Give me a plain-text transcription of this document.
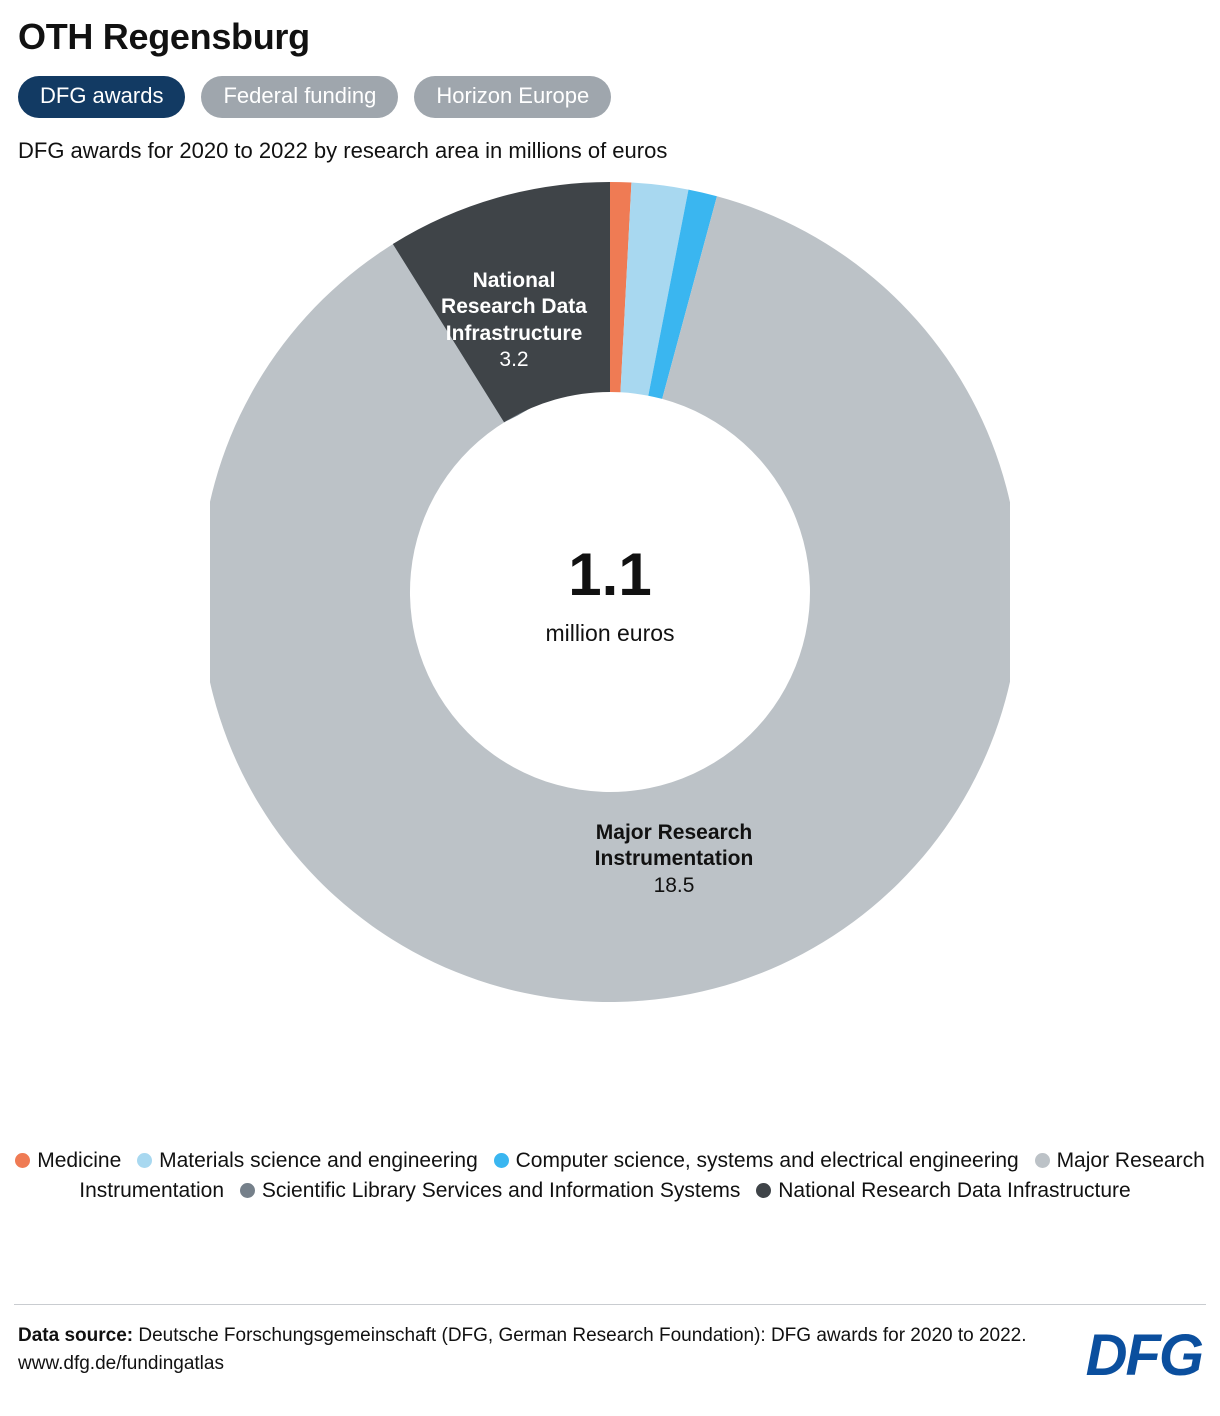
OTH Regensburg
DFG awards	Federal funding	Horizon Europe
DFG awards for 2020 to 2022 by research area in millions of euros
1.1
million euros
National
Research Data
Infrastructure
3.2
Major Research
Instrumentation
18.5
Medicine Materials science and engineering Computer science, systems and electrical engineering Major Research Instrumentation Scientific Library Services and Information Systems National Research Data Infrastructure
Data source: Deutsche Forschungsgemeinschaft (DFG, German Research Foundation): DFG awards for 2020 to 2022.
www.dfg.de/fundingatlas	DFG
